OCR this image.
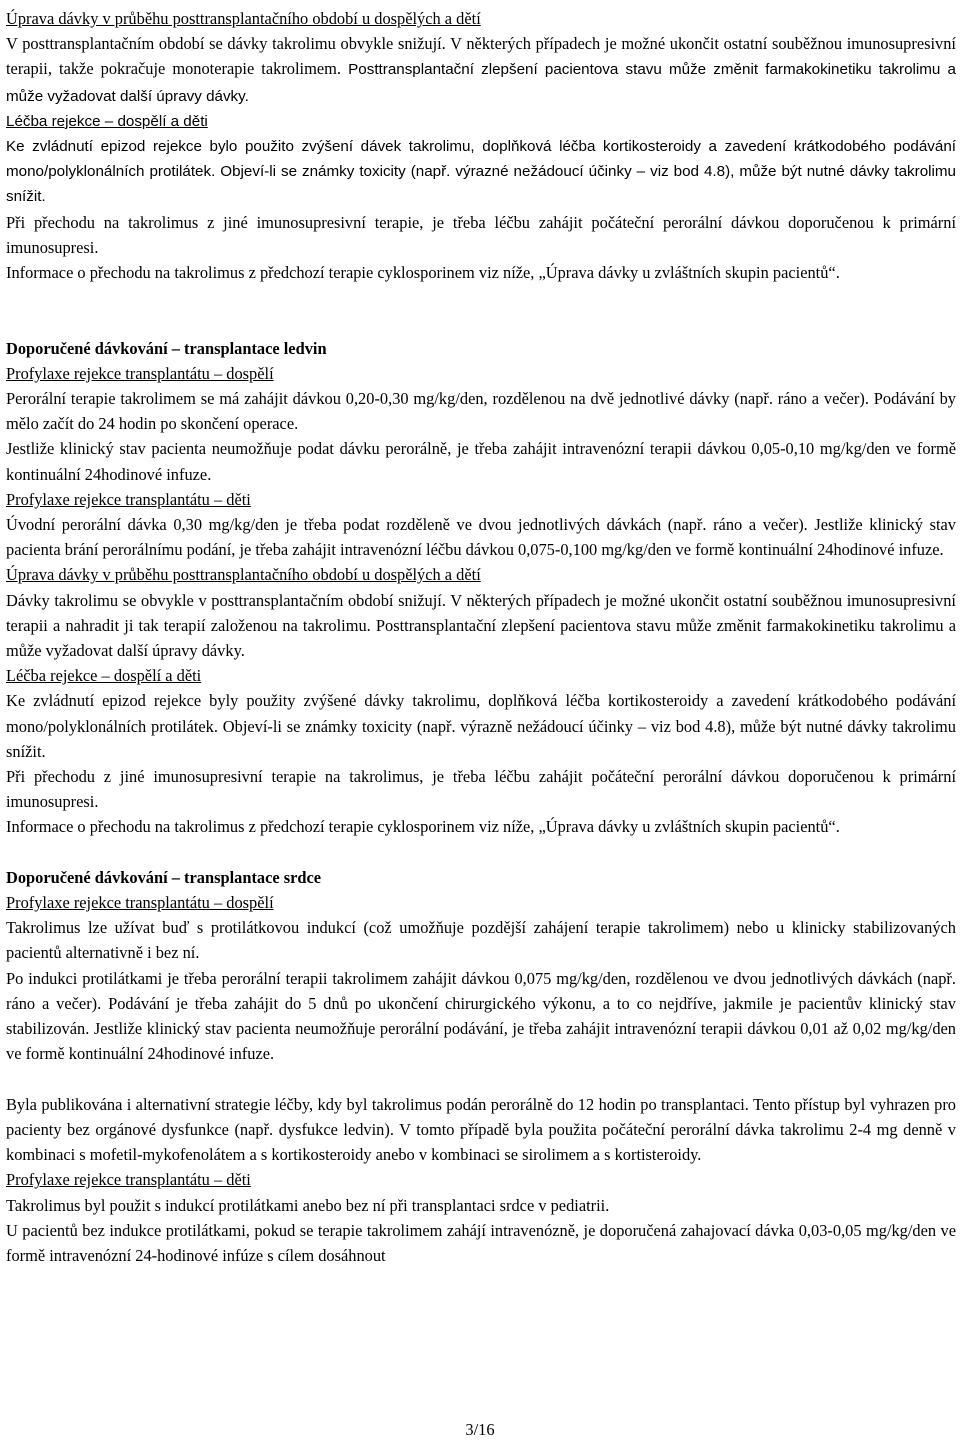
Úprava dávky v průběhu posttransplantačního období u dospělých a dětí

V posttransplantačním období se dávky takrolimu obvykle snižují. V některých případech je možné ukončit ostatní souběžnou imunosupresivní terapii, takže pokračuje monoterapie takrolimem. Posttransplantační zlepšení pacientova stavu může změnit farmakokinetiku takrolimu a může vyžadovat další úpravy dávky.

Léčba rejekce – dospělí a děti

Ke zvládnutí epizod rejekce bylo použito zvýšení dávek takrolimu, doplňková léčba kortikosteroidy a zavedení krátkodobého podávání mono/polyklonálních protilátek. Objeví-li se známky toxicity (např. výrazné nežádoucí účinky – viz bod 4.8), může být nutné dávky takrolimu snížit.

Při přechodu na takrolimus z jiné imunosupresivní terapie, je třeba léčbu zahájit počáteční perorální dávkou doporučenou k primární imunosupresi.

Informace o přechodu na takrolimus z předchozí terapie cyklosporinem viz níže, „Úprava dávky u zvláštních skupin pacientů“.

Doporučené dávkování – transplantace ledvin

Profylaxe rejekce transplantátu – dospělí

Perorální terapie takrolimem se má zahájit dávkou 0,20-0,30 mg/kg/den, rozdělenou na dvě jednotlivé dávky (např. ráno a večer). Podávání by mělo začít do 24 hodin po skončení operace.

Jestliže klinický stav pacienta neumožňuje podat dávku perorálně, je třeba zahájit intravenózní terapii dávkou 0,05-0,10 mg/kg/den ve formě kontinuální 24hodinové infuze.

Profylaxe rejekce transplantátu – děti

Úvodní perorální dávka 0,30 mg/kg/den je třeba podat rozděleně ve dvou jednotlivých dávkách (např. ráno a večer). Jestliže klinický stav pacienta brání perorálnímu podání, je třeba zahájit intravenózní léčbu dávkou 0,075-0,100 mg/kg/den ve formě kontinuální 24hodinové infuze.

Úprava dávky v průběhu posttransplantačního období u dospělých a dětí

Dávky takrolimu se obvykle v posttransplantačním období snižují. V některých případech je možné ukončit ostatní souběžnou imunosupresivní terapii a nahradit ji tak terapií založenou na takrolimu. Posttransplantační zlepšení pacientova stavu může změnit farmakokinetiku takrolimu a může vyžadovat další úpravy dávky.

Léčba rejekce – dospělí a děti

Ke zvládnutí epizod rejekce byly použity zvýšené dávky takrolimu, doplňková léčba kortikosteroidy a zavedení krátkodobého podávání mono/polyklonálních protilátek. Objeví-li se známky toxicity (např. výrazně nežádoucí účinky – viz bod 4.8), může být nutné dávky takrolimu snížit.

Při přechodu z jiné imunosupresivní terapie na takrolimus, je třeba léčbu zahájit počáteční perorální dávkou doporučenou k primární imunosupresi.

Informace o přechodu na takrolimus z předchozí terapie cyklosporinem viz níže, „Úprava dávky u zvláštních skupin pacientů“.

Doporučené dávkování – transplantace srdce

Profylaxe rejekce transplantátu – dospělí

Takrolimus lze užívat buď s protilátkovou indukcí (což umožňuje pozdější zahájení terapie takrolimem) nebo u klinicky stabilizovaných pacientů alternativně i bez ní.

Po indukci protilátkami je třeba perorální terapii takrolimem zahájit dávkou 0,075 mg/kg/den, rozdělenou ve dvou jednotlivých dávkách (např. ráno a večer). Podávání je třeba zahájit do 5 dnů po ukončení chirurgického výkonu, a to co nejdříve, jakmile je pacientův klinický stav stabilizován. Jestliže klinický stav pacienta neumožňuje perorální podávání, je třeba zahájit intravenózní terapii dávkou 0,01 až 0,02 mg/kg/den ve formě kontinuální 24hodinové infuze.

Byla publikována i alternativní strategie léčby, kdy byl takrolimus podán perorálně do 12 hodin po transplantaci. Tento přístup byl vyhrazen pro pacienty bez orgánové dysfunkce (např. dysfukce ledvin). V tomto případě byla použita počáteční perorální dávka takrolimu 2-4 mg denně v kombinaci s mofetil-mykofenolátem a s kortikosteroidy anebo v kombinaci se sirolimem a s kortisteroidy.

Profylaxe rejekce transplantátu – děti

Takrolimus byl použit s indukcí protilátkami anebo bez ní při transplantaci srdce v pediatrii.

U pacientů bez indukce protilátkami, pokud se terapie takrolimem zahájí intravenózně, je doporučená zahajovací dávka 0,03-0,05 mg/kg/den ve formě intravenózní 24-hodinové infúze s cílem dosáhnout

3/16
